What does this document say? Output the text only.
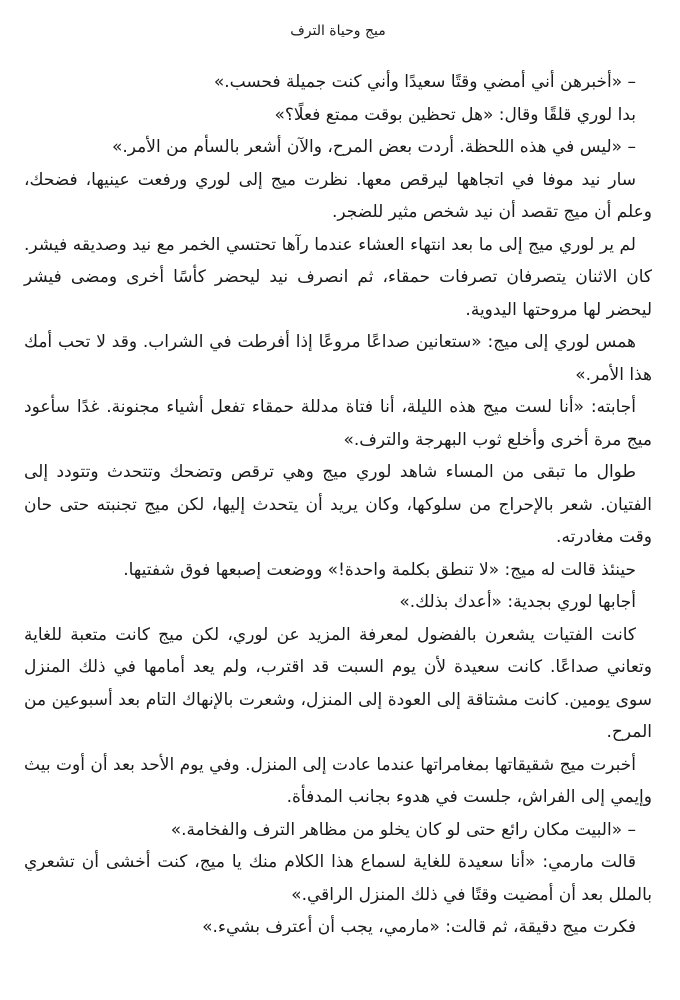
ميج وحياة الترف

– «أخبرهن أني أمضي وقتًا سعيدًا وأني كنت جميلة فحسب.»

بدا لوري قلقًا وقال: «هل تحظين بوقت ممتع فعلًا؟»

– «ليس في هذه اللحظة. أردت بعض المرح، والآن أشعر بالسأم من الأمر.»

سار نيد موفا في اتجاهها ليرقص معها. نظرت ميج إلى لوري ورفعت عينيها، فضحك، وعلم أن ميج تقصد أن نيد شخص مثير للضجر.

لم ير لوري ميج إلى ما بعد انتهاء العشاء عندما رآها تحتسي الخمر مع نيد وصديقه فيشر. كان الاثنان يتصرفان تصرفات حمقاء، ثم انصرف نيد ليحضر كأسًا أخرى ومضى فيشر ليحضر لها مروحتها اليدوية.

همس لوري إلى ميج: «ستعانين صداعًا مروعًا إذا أفرطت في الشراب. وقد لا تحب أمك هذا الأمر.»

أجابته: «أنا لست ميج هذه الليلة، أنا فتاة مدللة حمقاء تفعل أشياء مجنونة. غدًا سأعود ميج مرة أخرى وأخلع ثوب البهرجة والترف.»

طوال ما تبقى من المساء شاهد لوري ميج وهي ترقص وتضحك وتتحدث وتتودد إلى الفتيان. شعر بالإحراج من سلوكها، وكان يريد أن يتحدث إليها، لكن ميج تجنبته حتى حان وقت مغادرته.

حينئذ قالت له ميج: «لا تنطق بكلمة واحدة!» ووضعت إصبعها فوق شفتيها.

أجابها لوري بجدية: «أعدك بذلك.»

كانت الفتيات يشعرن بالفضول لمعرفة المزيد عن لوري، لكن ميج كانت متعبة للغاية وتعاني صداعًا. كانت سعيدة لأن يوم السبت قد اقترب، ولم يعد أمامها في ذلك المنزل سوى يومين. كانت مشتاقة إلى العودة إلى المنزل، وشعرت بالإنهاك التام بعد أسبوعين من المرح.

أخبرت ميج شقيقاتها بمغامراتها عندما عادت إلى المنزل. وفي يوم الأحد بعد أن أوت بيث وإيمي إلى الفراش، جلست في هدوء بجانب المدفأة.

– «البيت مكان رائع حتى لو كان يخلو من مظاهر الترف والفخامة.»

قالت مارمي: «أنا سعيدة للغاية لسماع هذا الكلام منك يا ميج، كنت أخشى أن تشعري بالملل بعد أن أمضيت وقتًا في ذلك المنزل الراقي.»

فكرت ميج دقيقة، ثم قالت: «مارمي، يجب أن أعترف بشيء.»
